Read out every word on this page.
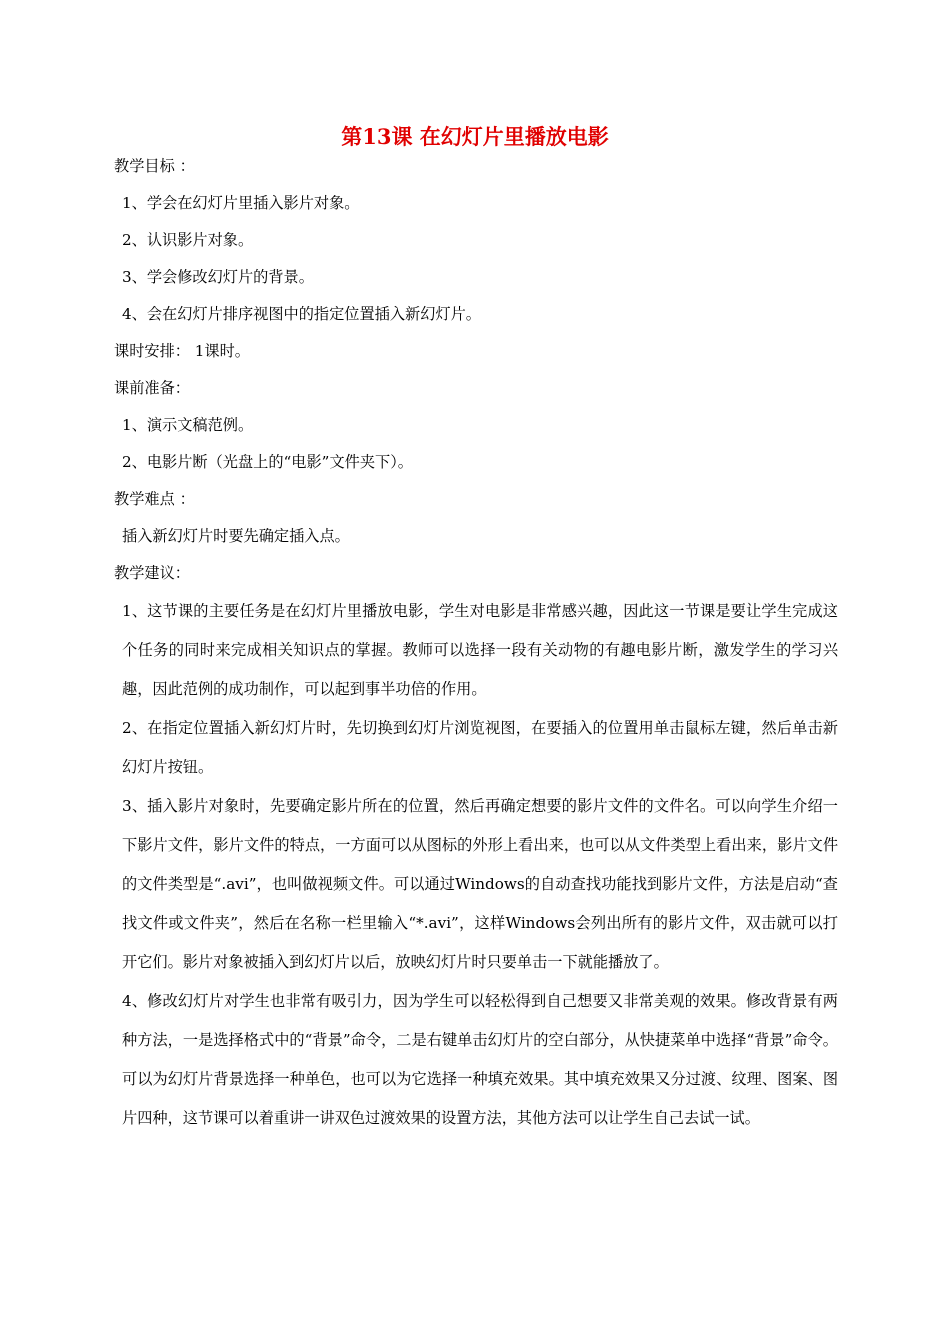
第13课 在幻灯片里播放电影

教学目标 ：

1、学会在幻灯片里插入影片对象。

2、认识影片对象。

3、学会修改幻灯片的背景。

4、会在幻灯片排序视图中的指定位置插入新幻灯片。

课时安排： 1课时。

课前准备：

1、演示文稿范例。

2、电影片断（光盘上的“电影”文件夹下）。

教学难点 ：

插入新幻灯片时要先确定插入点。

教学建议：

1、这节课的主要任务是在幻灯片里播放电影，学生对电影是非常感兴趣，因此这一节课是要让学生完成这个任务的同时来完成相关知识点的掌握。教师可以选择一段有关动物的有趣电影片断，激发学生的学习兴趣，因此范例的成功制作，可以起到事半功倍的作用。

2、在指定位置插入新幻灯片时，先切换到幻灯片浏览视图，在要插入的位置用单击鼠标左键，然后单击新幻灯片按钮。

3、插入影片对象时，先要确定影片所在的位置，然后再确定想要的影片文件的文件名。可以向学生介绍一下影片文件，影片文件的特点，一方面可以从图标的外形上看出来，也可以从文件类型上看出来，影片文件的文件类型是“.avi”，也叫做视频文件。可以通过Windows的自动查找功能找到影片文件，方法是启动“查找文件或文件夹”，然后在名称一栏里输入“*.avi”，这样Windows会列出所有的影片文件，双击就可以打开它们。影片对象被插入到幻灯片以后，放映幻灯片时只要单击一下就能播放了。

4、修改幻灯片对学生也非常有吸引力，因为学生可以轻松得到自己想要又非常美观的效果。修改背景有两种方法，一是选择格式中的“背景”命令，二是右键单击幻灯片的空白部分，从快捷菜单中选择“背景”命令。可以为幻灯片背景选择一种单色，也可以为它选择一种填充效果。其中填充效果又分过渡、纹理、图案、图片四种，这节课可以着重讲一讲双色过渡效果的设置方法，其他方法可以让学生自己去试一试。
